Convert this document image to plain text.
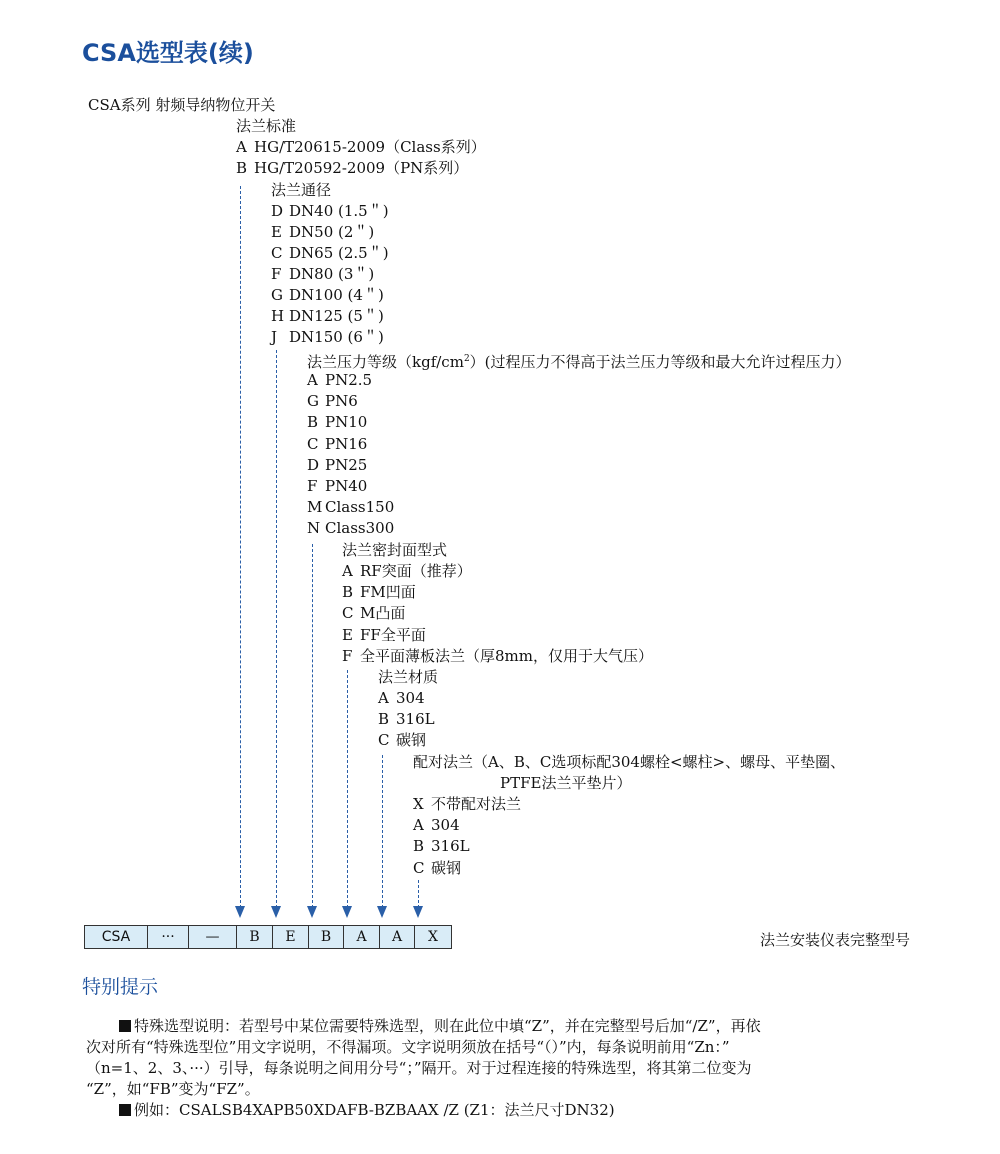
CSA选型表(续)
CSA系列 射频导纳物位开关
法兰标准
A HG/T20615-2009（Class系列）
B HG/T20592-2009（PN系列）
法兰通径
D DN40 (1.5＂)
E DN50 (2＂)
C DN65 (2.5＂)
F DN80 (3＂)
G DN100 (4＂)
H DN125 (5＂)
J DN150 (6＂)
法兰压力等级$(kgf/cm^2)$(过程压力不得高于法兰压力等级和最大允许过程压力）
A PN2.5
G PN6
B PN10
C PN16
D PN25
F PN40
M Class150
N Class300
法兰密封面型式
A RF突面（推荐）
B FM凹面
C M凸面
E FF全平面
F 全平面薄板法兰（厚8mm，仅用于大气压）
法兰材质
A 304
B 316L
C 碳钢
配对法兰（A、B、C选项标配304螺栓<螺柱>、螺母、平垫圈、
PTFE法兰平垫片）
X 不带配对法兰
A 304
B 316L
C 碳钢
CSA	···	—	B	E	B	A	A	X	法兰安装仪表完整型号
特别提示
特殊选型说明：若型号中某位需要特殊选型，则在此位中填“Z”，并在完整型号后加“/Z”，再依
次对所有“特殊选型位”用文字说明，不得漏项。文字说明须放在括号“（）”内，每条说明前用“Zn：”
（n=1、2、3、···）引导，每条说明之间用分号“；”隔开。对于过程连接的特殊选型，将其第二位变为
“Z”，如“FB”变为“FZ”。
例如：CSALSB4XAPB50XDAFB-BZBAAX /Z (Z1：法兰尺寸DN32)
